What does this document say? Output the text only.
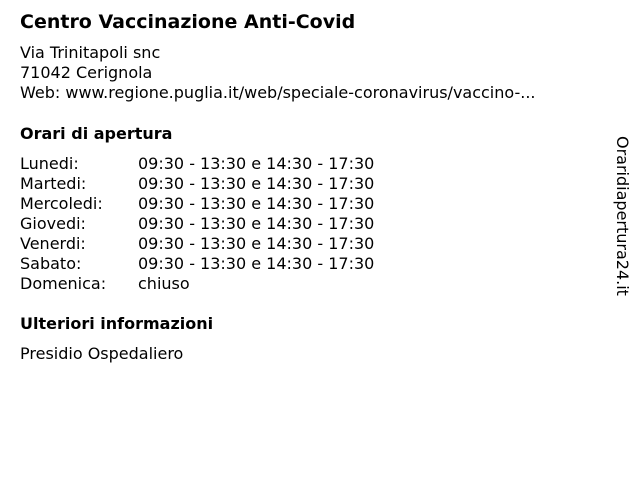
Centro Vaccinazione Anti-Covid
Via Trinitapoli snc
71042 Cerignola
Web: www.regione.puglia.it/web/speciale-coronavirus/vaccino-...
Orari di apertura
Lunedi:	09:30 - 13:30 e 14:30 - 17:30
Martedi:	09:30 - 13:30 e 14:30 - 17:30
Mercoledi: 09:30 - 13:30 e 14:30 - 17:30
Giovedi:	09:30 - 13:30 e 14:30 - 17:30
Venerdi:	09:30 - 13:30 e 14:30 - 17:30
Sabato:	09:30 - 13:30 e 14:30 - 17:30
Domenica: chiuso
Ulteriori informazioni
Presidio Ospedaliero
Oraridiapertura24.it
